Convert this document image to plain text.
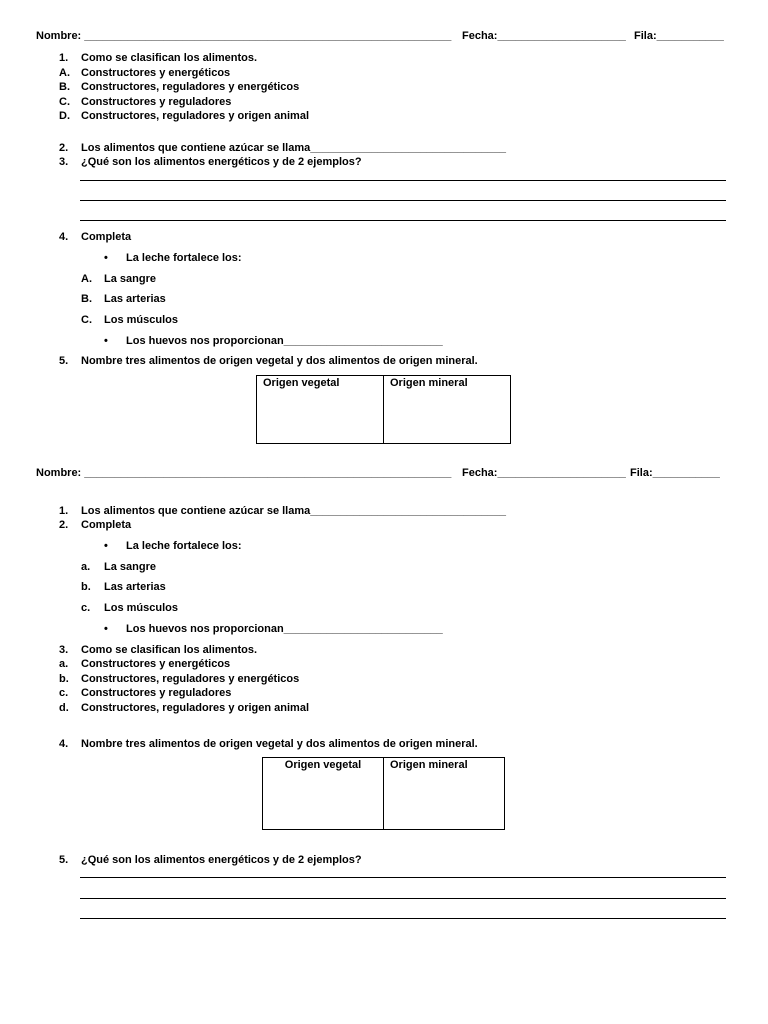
Nombre: ____________________________________________________________ Fecha:_____________________ Fila:___________
1. Como se clasifican los alimentos.
A. Constructores y energéticos
B. Constructores, reguladores y energéticos
C. Constructores y reguladores
D. Constructores, reguladores y origen animal
2. Los alimentos que contiene azúcar se llama________________________________
3. ¿Qué son los alimentos energéticos y de 2 ejemplos?
4. Completa
•
La leche fortalece los:
A. La sangre
B. Las arterias
C. Los músculos
•
Los huevos nos proporcionan__________________________
5. Nombre tres alimentos de origen vegetal y dos alimentos de origen mineral.
Origen vegetal	Origen mineral
Nombre: ____________________________________________________________ Fecha:_____________________ Fila:___________
1. Los alimentos que contiene azúcar se llama________________________________
2. Completa
•
La leche fortalece los:
a. La sangre
b. Las arterias
c. Los músculos
•
Los huevos nos proporcionan__________________________
3. Como se clasifican los alimentos.
a. Constructores y energéticos
b. Constructores, reguladores y energéticos
c. Constructores y reguladores
d. Constructores, reguladores y origen animal
4. Nombre tres alimentos de origen vegetal y dos alimentos de origen mineral.
Origen vegetal	Origen mineral
5. ¿Qué son los alimentos energéticos y de 2 ejemplos?
